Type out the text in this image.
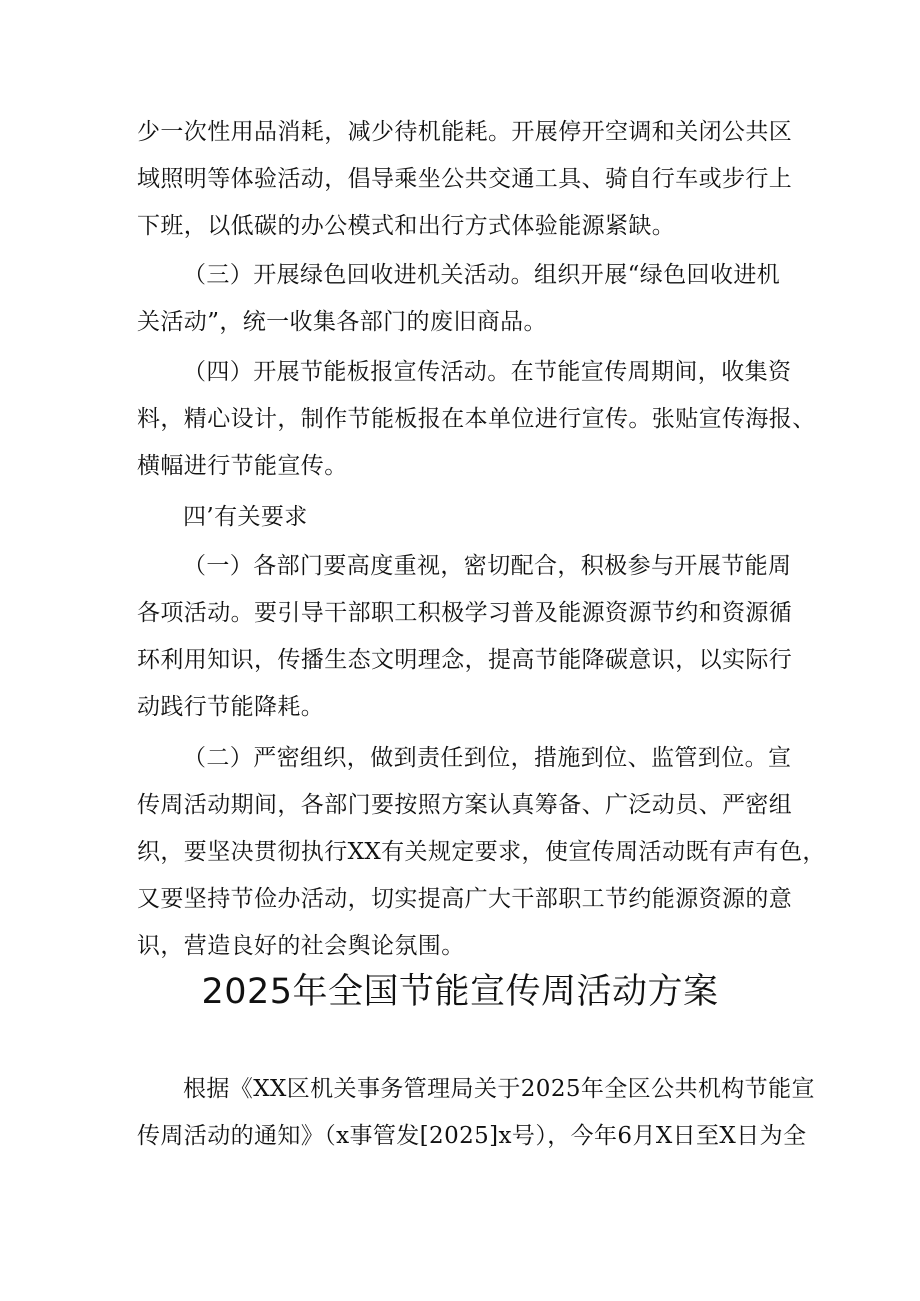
少一次性用品消耗，减少待机能耗。开展停开空调和关闭公共区
域照明等体验活动，倡导乘坐公共交通工具、骑自行车或步行上
下班，以低碳的办公模式和出行方式体验能源紧缺。
（三）开展绿色回收进机关活动。组织开展“绿色回收进机
关活动”，统一收集各部门的废旧商品。
（四）开展节能板报宣传活动。在节能宣传周期间，收集资
料，精心设计，制作节能板报在本单位进行宣传。张贴宣传海报、
横幅进行节能宣传。
四’有关要求
（一）各部门要高度重视，密切配合，积极参与开展节能周
各项活动。要引导干部职工积极学习普及能源资源节约和资源循
环利用知识，传播生态文明理念，提高节能降碳意识，以实际行
动践行节能降耗。
（二）严密组织，做到责任到位，措施到位、监管到位。宣
传周活动期间，各部门要按照方案认真筹备、广泛动员、严密组
织，要坚决贯彻执行XX有关规定要求，使宣传周活动既有声有色，
又要坚持节俭办活动，切实提高广大干部职工节约能源资源的意
识，营造良好的社会舆论氛围。
2025年全国节能宣传周活动方案
根据《XX区机关事务管理局关于2025年全区公共机构节能宣
传周活动的通知》（x事管发[2025]x号），今年6月X日至X日为全
